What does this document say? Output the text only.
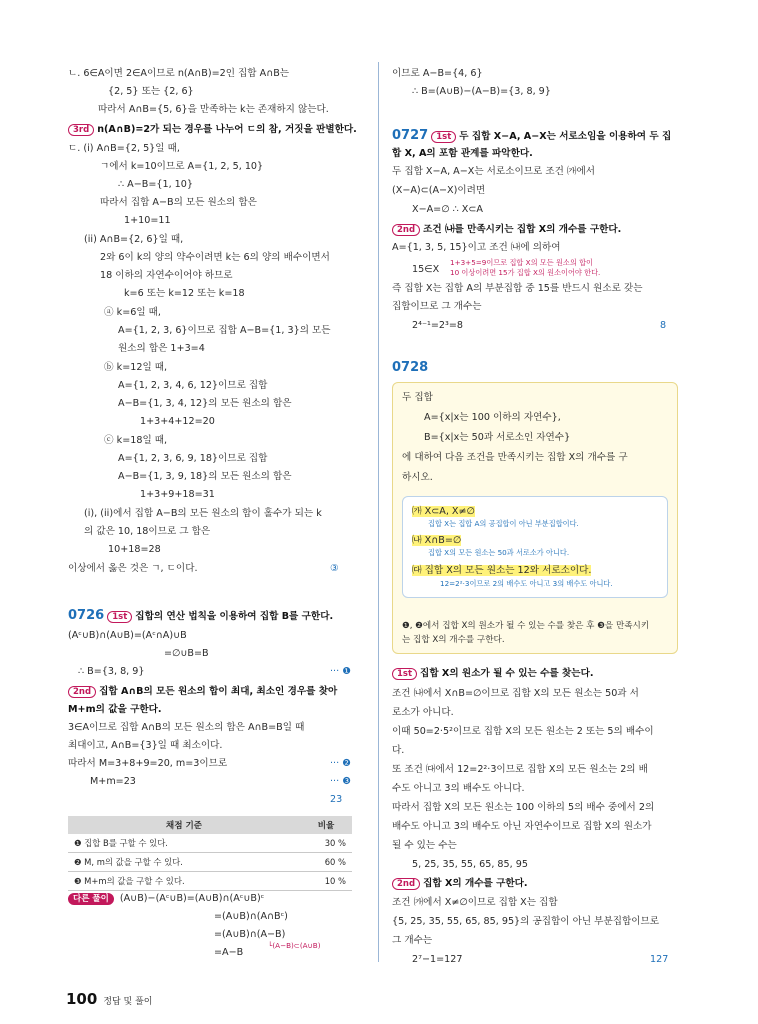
ㄴ. 6∈A이면 2∈A이므로 n(A∩B)=2인 집합 A∩B는
{2, 5} 또는 {2, 6}
따라서 A∩B={5, 6}을 만족하는 k는 존재하지 않는다.
3rd n(A∩B)=2가 되는 경우를 나누어 ㄷ의 참, 거짓을 판별한다.
ㄷ. (i) A∩B={2, 5}일 때,
ㄱ에서 k=10이므로 A={1, 2, 5, 10}
∴ A−B={1, 10}
따라서 집합 A−B의 모든 원소의 합은
1+10=11
(ii) A∩B={2, 6}일 때,
2와 6이 k의 양의 약수이려면 k는 6의 양의 배수이면서
18 이하의 자연수이어야 하므로
k=6 또는 k=12 또는 k=18
ⓐ k=6일 때,
A={1, 2, 3, 6}이므로 집합 A−B={1, 3}의 모든
원소의 합은 1+3=4
ⓑ k=12일 때,
A={1, 2, 3, 4, 6, 12}이므로 집합
A−B={1, 3, 4, 12}의 모든 원소의 합은
1+3+4+12=20
ⓒ k=18일 때,
A={1, 2, 3, 6, 9, 18}이므로 집합
A−B={1, 3, 9, 18}의 모든 원소의 합은
1+3+9+18=31
(i), (ii)에서 집합 A−B의 모든 원소의 합이 홀수가 되는 k
의 값은 10, 18이므로 그 합은
10+18=28
이상에서 옳은 것은 ㄱ, ㄷ이다.	③
0726 1st 집합의 연산 법칙을 이용하여 집합 B를 구한다.
(Aᶜ∪B)∩(A∪B)=(Aᶜ∩A)∪B
=∅∪B=B
∴ B={3, 8, 9}	··· ❶
2nd 집합 A∩B의 모든 원소의 합이 최대, 최소인 경우를 찾아
M+m의 값을 구한다.
3∈A이므로 집합 A∩B의 모든 원소의 합은 A∩B=B일 때
최대이고, A∩B={3}일 때 최소이다.
따라서 M=3+8+9=20, m=3이므로	··· ❷
M+m=23	··· ❸
23
채점 기준	비율
❶ 집합 B를 구할 수 있다.	30 %
❷ M, m의 값을 구할 수 있다.	60 %
❸ M+m의 값을 구할 수 있다.	10 %
다른 풀이 (A∪B)−(Aᶜ∪B)=(A∪B)∩(Aᶜ∪B)ᶜ
=(A∪B)∩(A∩Bᶜ)
=(A∪B)∩(A−B)
=A−B
└(A−B)⊂(A∪B)
이므로 A−B={4, 6}
∴ B=(A∪B)−(A−B)={3, 8, 9}
0727 1st 두 집합 X−A, A−X는 서로소임을 이용하여 두 집
합 X, A의 포함 관계를 파악한다.
두 집합 X−A, A−X는 서로소이므로 조건 ㈎에서
(X−A)⊂(A−X)이려면
X−A=∅ ∴ X⊂A
2nd 조건 ㈏를 만족시키는 집합 X의 개수를 구한다.
A={1, 3, 5, 15}이고 조건 ㈏에 의하여
15∈X
1+3+5=9이므로 집합 X의 모든 원소의 합이
10 이상이려면 15가 집합 X의 원소이어야 한다.
즉 집합 X는 집합 A의 부분집합 중 15를 반드시 원소로 갖는
집합이므로 그 개수는
2⁴⁻¹=2³=8	8
0728
두 집합
A={x|x는 100 이하의 자연수},
B={x|x는 50과 서로소인 자연수}
에 대하여 다음 조건을 만족시키는 집합 X의 개수를 구
하시오.
㈎ X⊂A, X≠∅
집합 X는 집합 A의 공집합이 아닌 부분집합이다.
㈏ X∩B=∅
집합 X의 모든 원소는 50과 서로소가 아니다.
㈐ 집합 X의 모든 원소는 12와 서로소이다.
12=2²·3이므로 2의 배수도 아니고 3의 배수도 아니다.
❶, ❷에서 집합 X의 원소가 될 수 있는 수를 찾은 후 ❸을 만족시키
는 집합 X의 개수를 구한다.
1st 집합 X의 원소가 될 수 있는 수를 찾는다.
조건 ㈏에서 X∩B=∅이므로 집합 X의 모든 원소는 50과 서
로소가 아니다.
이때 50=2·5²이므로 집합 X의 모든 원소는 2 또는 5의 배수이
다.
또 조건 ㈐에서 12=2²·3이므로 집합 X의 모든 원소는 2의 배
수도 아니고 3의 배수도 아니다.
따라서 집합 X의 모든 원소는 100 이하의 5의 배수 중에서 2의
배수도 아니고 3의 배수도 아닌 자연수이므로 집합 X의 원소가
될 수 있는 수는
5, 25, 35, 55, 65, 85, 95
2nd 집합 X의 개수를 구한다.
조건 ㈎에서 X≠∅이므로 집합 X는 집합
{5, 25, 35, 55, 65, 85, 95}의 공집합이 아닌 부분집합이므로
그 개수는
2⁷−1=127	127
100 정답 및 풀이
